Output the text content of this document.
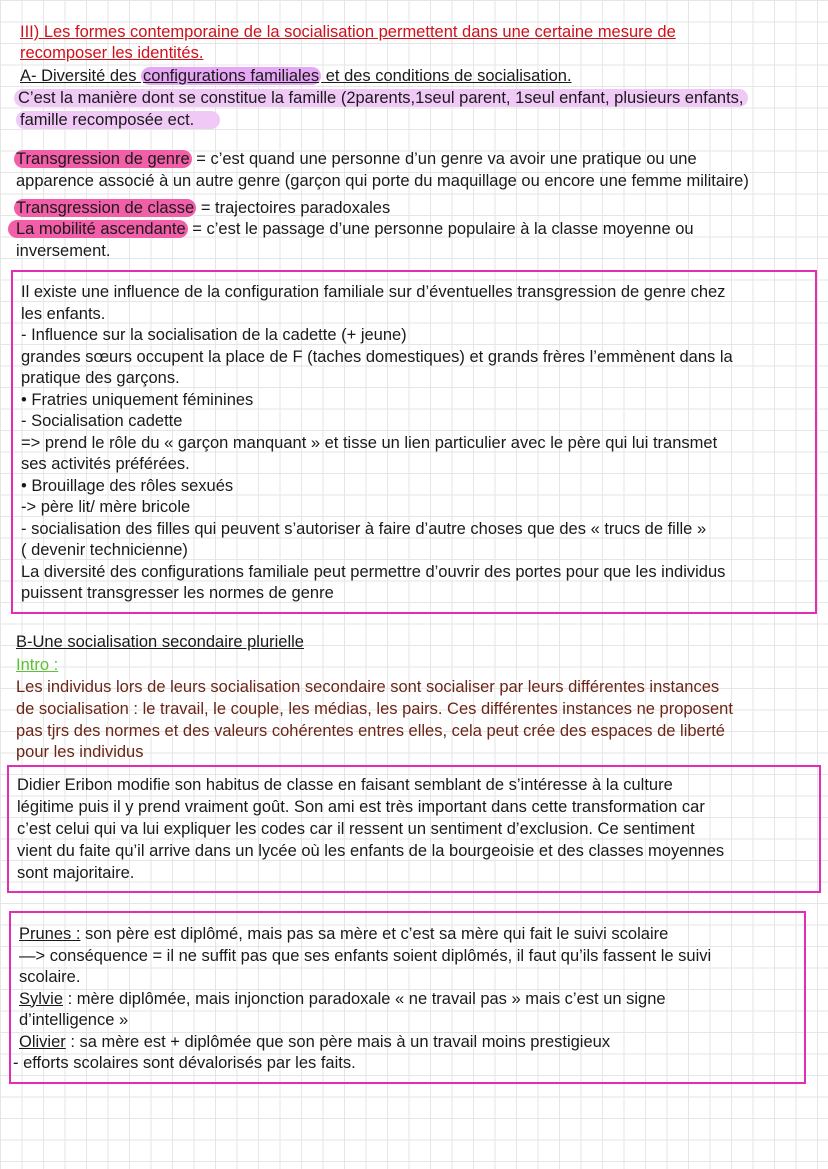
III) Les formes contemporaine de la socialisation permettent dans une certaine mesure de
recomposer les identités.
A- Diversité des configurations familiales et des conditions de socialisation.
C’est la manière dont se constitue la famille (2parents,1seul parent, 1seul enfant, plusieurs enfants,
famille recomposée ect.
Transgression de genre = c’est quand une personne d’un genre va avoir une pratique ou une
apparence associé à un autre genre (garçon qui porte du maquillage ou encore une femme militaire)
Transgression de classe = trajectoires paradoxales
La mobilité ascendante = c’est le passage d’une personne populaire à la classe moyenne ou
inversement.
Il existe une influence de la configuration familiale sur d’éventuelles transgression de genre chez
les enfants.
- Influence sur la socialisation de la cadette (+ jeune)
grandes sœurs occupent la place de F (taches domestiques) et grands frères l’emmènent dans la
pratique des garçons.
• Fratries uniquement féminines
- Socialisation cadette
=> prend le rôle du « garçon manquant » et tisse un lien particulier avec le père qui lui transmet
ses activités préférées.
• Brouillage des rôles sexués
-> père lit/ mère bricole
- socialisation des filles qui peuvent s’autoriser à faire d’autre choses que des « trucs de fille »
( devenir technicienne)
La diversité des configurations familiale peut permettre d’ouvrir des portes pour que les individus
puissent transgresser les normes de genre
B-Une socialisation secondaire plurielle
Intro :
Les individus lors de leurs socialisation secondaire sont socialiser par leurs différentes instances
de socialisation : le travail, le couple, les médias, les pairs. Ces différentes instances ne proposent
pas tjrs des normes et des valeurs cohérentes entres elles, cela peut crée des espaces de liberté
pour les individus
Didier Eribon modifie son habitus de classe en faisant semblant de s’intéresse à la culture
légitime puis il y prend vraiment goût. Son ami est très important dans cette transformation car
c’est celui qui va lui expliquer les codes car il ressent un sentiment d’exclusion. Ce sentiment
vient du faite qu’il arrive dans un lycée où les enfants de la bourgeoisie et des classes moyennes
sont majoritaire.
Prunes : son père est diplômé, mais pas sa mère et c’est sa mère qui fait le suivi scolaire
—> conséquence = il ne suffit pas que ses enfants soient diplômés, il faut qu’ils fassent le suivi
scolaire.
Sylvie : mère diplômée, mais injonction paradoxale « ne travail pas » mais c’est un signe
d’intelligence »
Olivier : sa mère est + diplômée que son père mais à un travail moins prestigieux
- efforts scolaires sont dévalorisés par les faits.
